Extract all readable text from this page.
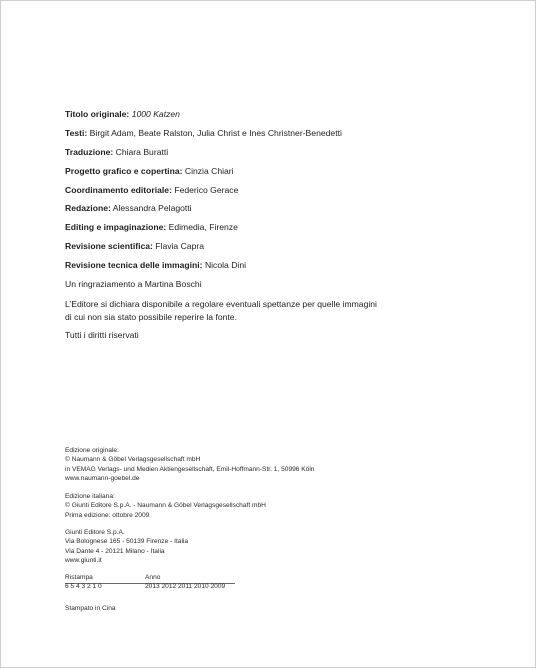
Titolo originale: 1000 Katzen
Testi: Birgit Adam, Beate Ralston, Julia Christ e Ines Christner-Benedetti
Traduzione: Chiara Buratti
Progetto grafico e copertina: Cinzia Chiari
Coordinamento editoriale: Federico Gerace
Redazione: Alessandra Pelagotti
Editing e impaginazione: Edimedia, Firenze
Revisione scientifica: Flavia Capra
Revisione tecnica delle immagini: Nicola Dini
Un ringraziamento a Martina Boschi

L’Editore si dichiara disponibile a regolare eventuali spettanze per quelle immagini

di cui non sia stato possibile reperire la fonte.

Tutti i diritti riservati
Edizione originale:
© Naumann & Göbel Verlagsgesellschaft mbH
in VEMAG Verlags- und Medien Aktiengesellschaft, Emil-Hoffmann-Str. 1, 50996 Köln
www.naumann-goebel.de
Edizione italiana:
© Giunti Editore S.p.A. - Naumann & Göbel Verlagsgesellschaft mbH
Prima edizione: ottobre 2009
Giunti Editore S.p.A.
Via Bolognese 165 - 50139 Firenze - Italia
Via Dante 4 - 20121 Milano - Italia
www.giunti.it
Ristampa	Anno
6 5 4 3 2 1 0	2013 2012 2011 2010 2009
Stampato in Cina
